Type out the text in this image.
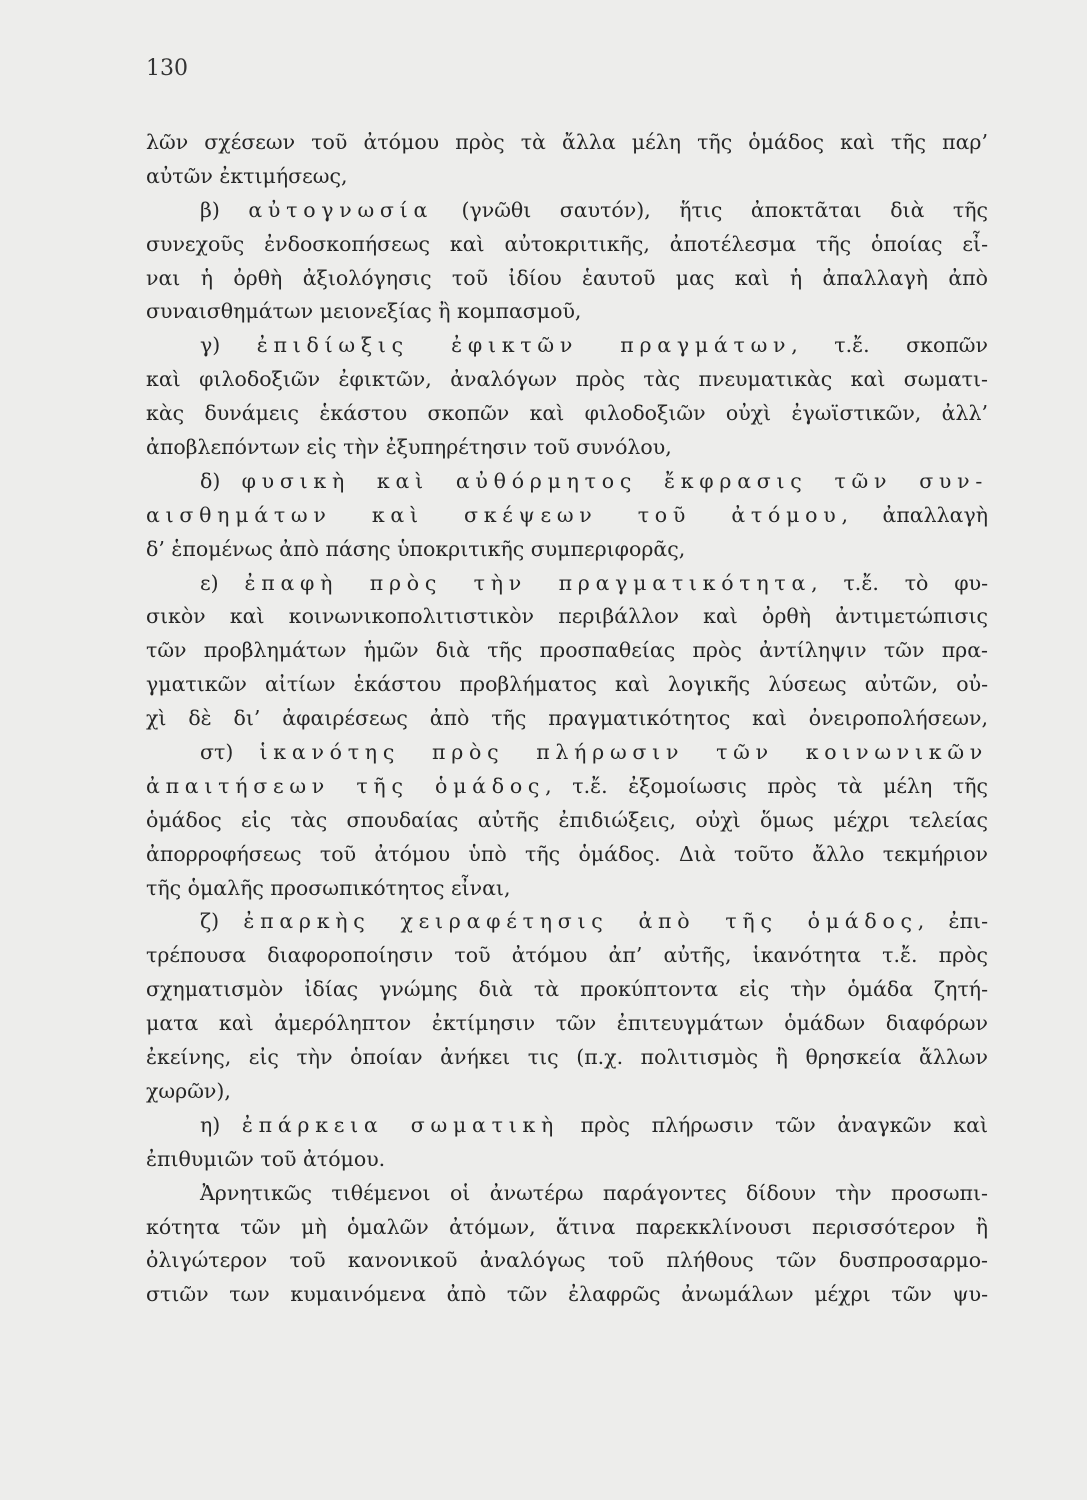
130
λῶν σχέσεων τοῦ ἀτόμου πρὸς τὰ ἄλλα μέλη τῆς ὁμάδος καὶ τῆς παρ’
αὐτῶν ἐκτιμήσεως,
β) αὐτογνωσία (γνῶθι σαυτόν), ἥτις ἀποκτᾶται διὰ τῆς
συνεχοῦς ἐνδοσκοπήσεως καὶ αὐτοκριτικῆς, ἀποτέλεσμα τῆς ὁποίας εἶ-
ναι ἡ ὀρθὴ ἀξιολόγησις τοῦ ἰδίου ἑαυτοῦ μας καὶ ἡ ἀπαλλαγὴ ἀπὸ
συναισθημάτων μειονεξίας ἢ κομπασμοῦ,
γ) ἐπιδίωξις ἐφικτῶν πραγμάτων, τ.ἔ. σκοπῶν
καὶ φιλοδοξιῶν ἐφικτῶν, ἀναλόγων πρὸς τὰς πνευματικὰς καὶ σωματι-
κὰς δυνάμεις ἑκάστου σκοπῶν καὶ φιλοδοξιῶν οὐχὶ ἐγωϊστικῶν, ἀλλ’
ἀποβλεπόντων εἰς τὴν ἐξυπηρέτησιν τοῦ συνόλου,
δ) φυσικὴ καὶ αὐθόρμητος ἔκφρασις τῶν συν-
αισθημάτων καὶ σκέψεων τοῦ ἀτόμου, ἀπαλλαγὴ
δ’ ἑπομένως ἀπὸ πάσης ὑποκριτικῆς συμπεριφορᾶς,
ε) ἐπαφὴ πρὸς τὴν πραγματικότητα, τ.ἔ. τὸ φυ-
σικὸν καὶ κοινωνικοπολιτιστικὸν περιβάλλον καὶ ὀρθὴ ἀντιμετώπισις
τῶν προβλημάτων ἡμῶν διὰ τῆς προσπαθείας πρὸς ἀντίληψιν τῶν πρα-
γματικῶν αἰτίων ἑκάστου προβλήματος καὶ λογικῆς λύσεως αὐτῶν, οὐ-
χὶ δὲ δι’ ἀφαιρέσεως ἀπὸ τῆς πραγματικότητος καὶ ὀνειροπολήσεων,
στ) ἱκανότης πρὸς πλήρωσιν τῶν κοινωνικῶν
ἀπαιτήσεων τῆς ὁμάδος, τ.ἔ. ἐξομοίωσις πρὸς τὰ μέλη τῆς
ὁμάδος εἰς τὰς σπουδαίας αὐτῆς ἐπιδιώξεις, οὐχὶ ὅμως μέχρι τελείας
ἀπορροφήσεως τοῦ ἀτόμου ὑπὸ τῆς ὁμάδος. Διὰ τοῦτο ἄλλο τεκμήριον
τῆς ὁμαλῆς προσωπικότητος εἶναι,
ζ) ἐπαρκὴς χειραφέτησις ἀπὸ τῆς ὁμάδος, ἐπι-
τρέπουσα διαφοροποίησιν τοῦ ἀτόμου ἀπ’ αὐτῆς, ἱκανότητα τ.ἔ. πρὸς
σχηματισμὸν ἰδίας γνώμης διὰ τὰ προκύπτοντα εἰς τὴν ὁμάδα ζητή-
ματα καὶ ἀμερόληπτον ἐκτίμησιν τῶν ἐπιτευγμάτων ὁμάδων διαφόρων
ἐκείνης, εἰς τὴν ὁποίαν ἀνήκει τις (π.χ. πολιτισμὸς ἢ θρησκεία ἄλλων
χωρῶν),
η) ἐπάρκεια σωματικὴ πρὸς πλήρωσιν τῶν ἀναγκῶν καὶ
ἐπιθυμιῶν τοῦ ἀτόμου.
Ἀρνητικῶς τιθέμενοι οἱ ἀνωτέρω παράγοντες δίδουν τὴν προσωπι-
κότητα τῶν μὴ ὁμαλῶν ἀτόμων, ἅτινα παρεκκλίνουσι περισσότερον ἢ
ὀλιγώτερον τοῦ κανονικοῦ ἀναλόγως τοῦ πλήθους τῶν δυσπροσαρμο-
στιῶν των κυμαινόμενα ἀπὸ τῶν ἐλαφρῶς ἀνωμάλων μέχρι τῶν ψυ-
